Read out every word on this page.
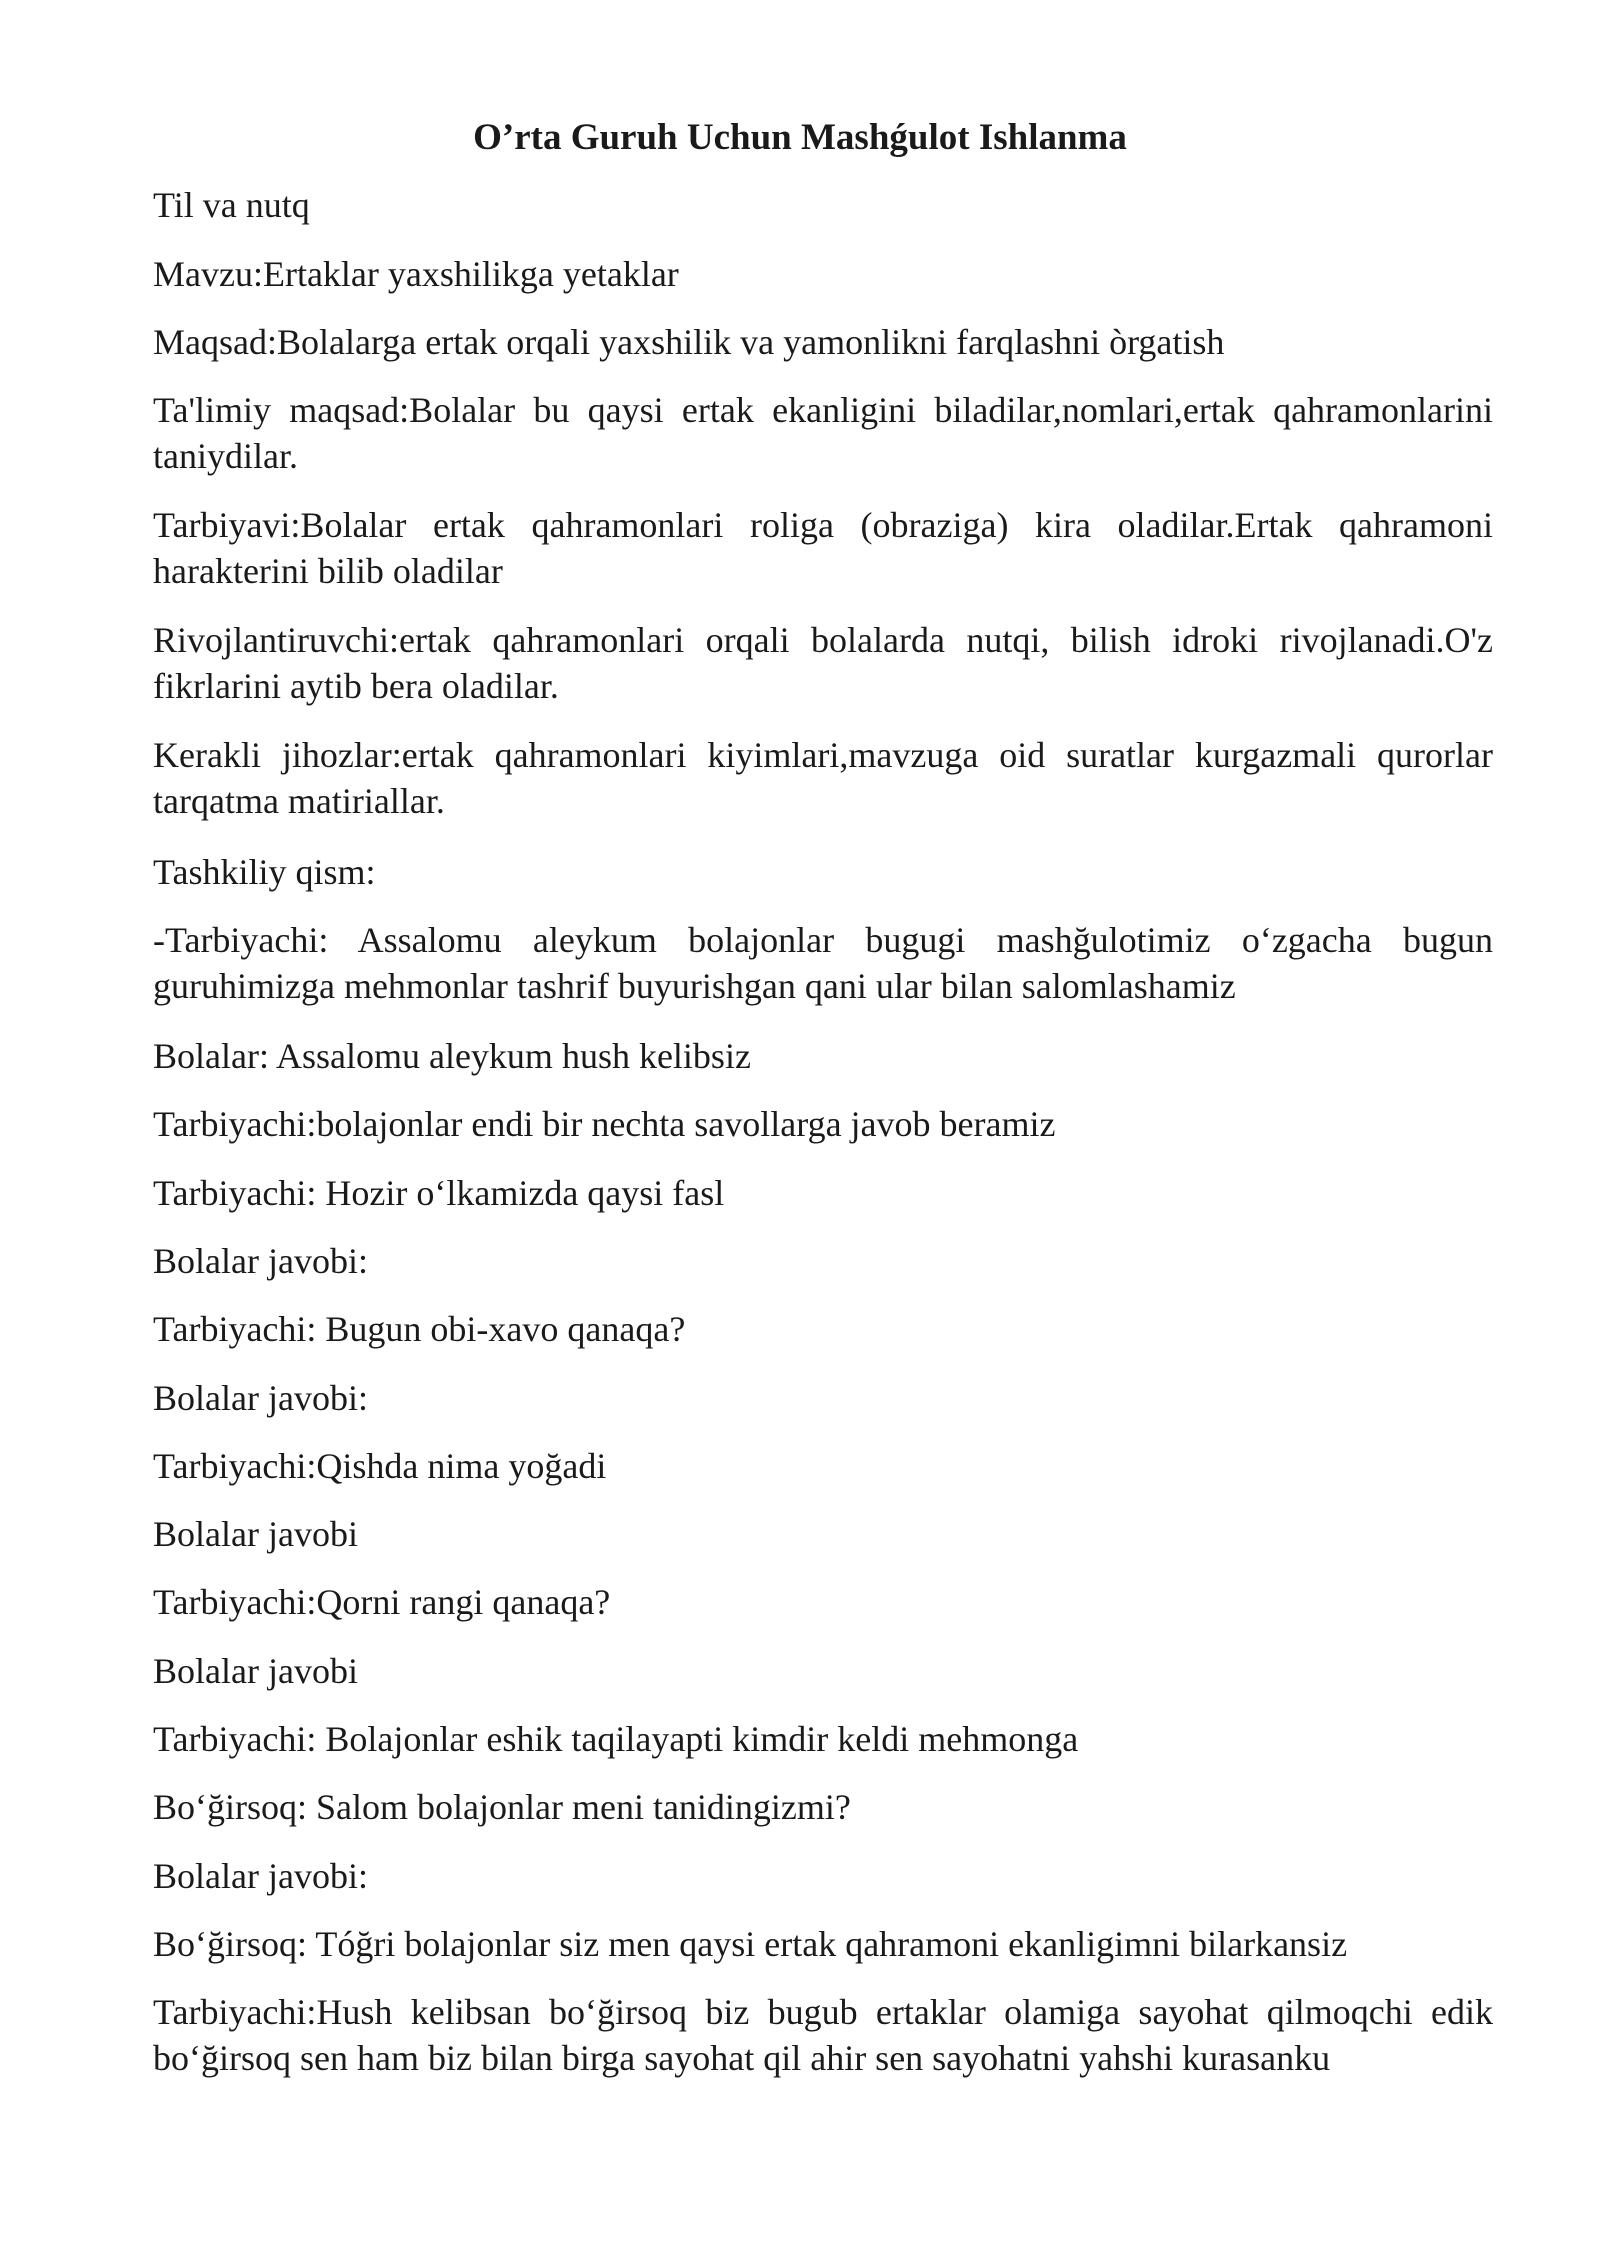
O’rta Guruh Uchun Mashǵulot Ishlanma

Til va nutq

Mavzu:Ertaklar yaxshilikga yetaklar

Maqsad:Bolalarga ertak orqali yaxshilik va yamonlikni farqlashni òrgatish

Ta'limiy maqsad:Bolalar bu qaysi ertak ekanligini biladilar,nomlari,ertak qahramonlarini taniydilar.

Tarbiyavi:Bolalar ertak qahramonlari roliga (obraziga) kira oladilar.Ertak qahramoni harakterini bilib oladilar

Rivojlantiruvchi:ertak qahramonlari orqali bolalarda nutqi, bilish idroki rivojlanadi.O'z fikrlarini aytib bera oladilar.

Kerakli jihozlar:ertak qahramonlari kiyimlari,mavzuga oid suratlar kurgazmali qurorlar tarqatma matiriallar.

Tashkiliy qism:

-Tarbiyachi: Assalomu aleykum bolajonlar bugugi mashğulotimiz o‘zgacha bugun guruhimizga mehmonlar tashrif buyurishgan qani ular bilan salomlashamiz

Bolalar: Assalomu aleykum hush kelibsiz

Tarbiyachi:bolajonlar endi bir nechta savollarga javob beramiz

Tarbiyachi: Hozir o‘lkamizda qaysi fasl

Bolalar javobi:

Tarbiyachi: Bugun obi-xavo qanaqa?

Bolalar javobi:

Tarbiyachi:Qishda nima yoğadi

Bolalar javobi

Tarbiyachi:Qorni rangi qanaqa?

Bolalar javobi

Tarbiyachi: Bolajonlar eshik taqilayapti kimdir keldi mehmonga

Bo‘ğirsoq: Salom bolajonlar meni tanidingizmi?

Bolalar javobi:

Bo‘ğirsoq: Tóğri bolajonlar siz men qaysi ertak qahramoni ekanligimni bilarkansiz

Tarbiyachi:Hush kelibsan bo‘ğirsoq biz bugub ertaklar olamiga sayohat qilmoqchi edik bo‘ğirsoq sen ham biz bilan birga sayohat qil ahir sen sayohatni yahshi kurasanku
